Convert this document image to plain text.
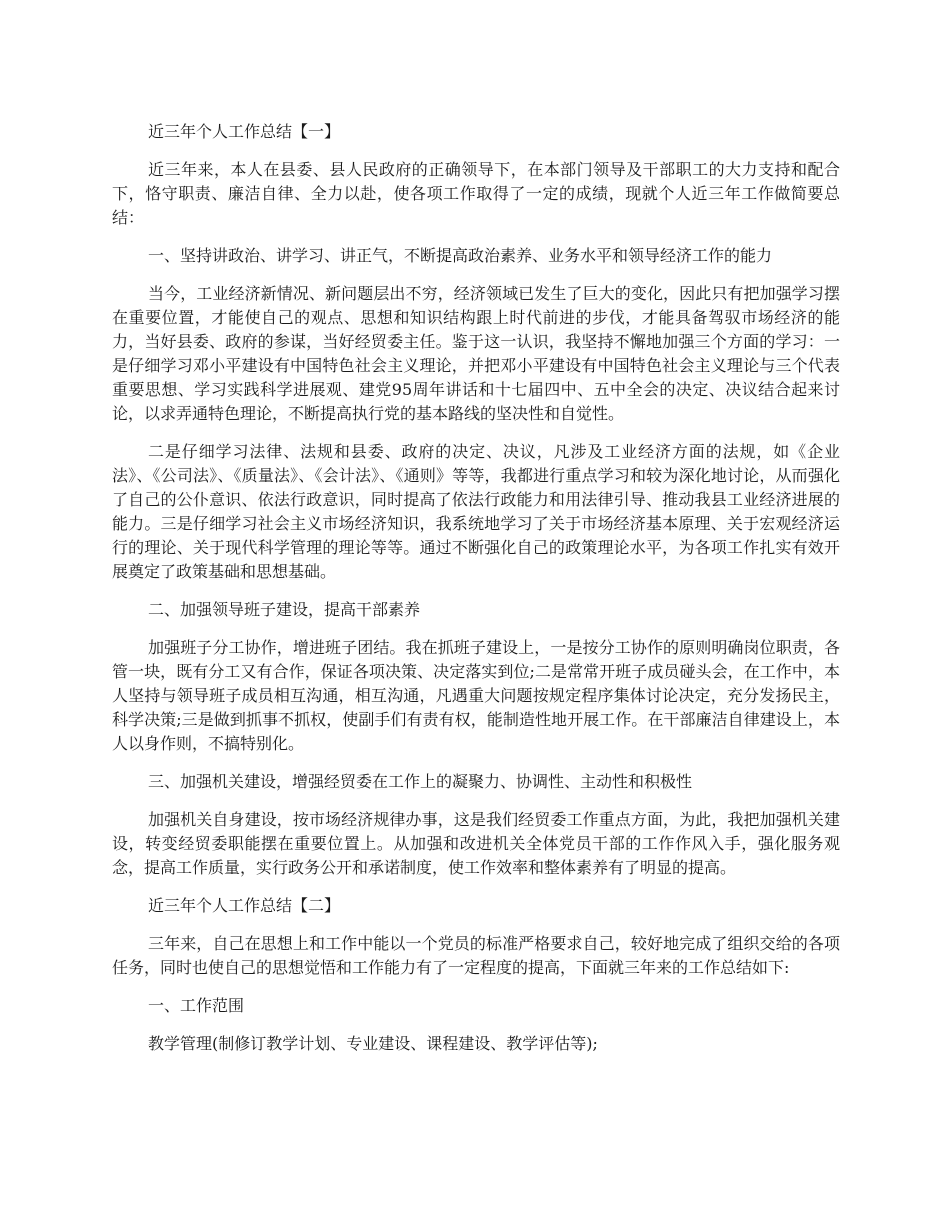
近三年个人工作总结【一】

近三年来，本人在县委、县人民政府的正确领导下，在本部门领导及干部职工的大力支持和配合下，恪守职责、廉洁自律、全力以赴，使各项工作取得了一定的成绩，现就个人近三年工作做简要总结：

一、坚持讲政治、讲学习、讲正气，不断提高政治素养、业务水平和领导经济工作的能力

当今，工业经济新情况、新问题层出不穷，经济领域已发生了巨大的变化，因此只有把加强学习摆在重要位置，才能使自己的观点、思想和知识结构跟上时代前进的步伐，才能具备驾驭市场经济的能力，当好县委、政府的参谋，当好经贸委主任。鉴于这一认识，我坚持不懈地加强三个方面的学习：一是仔细学习邓小平建设有中国特色社会主义理论，并把邓小平建设有中国特色社会主义理论与三个代表重要思想、学习实践科学进展观、建党95周年讲话和十七届四中、五中全会的决定、决议结合起来讨论，以求弄通特色理论，不断提高执行党的基本路线的坚决性和自觉性。

二是仔细学习法律、法规和县委、政府的决定、决议，凡涉及工业经济方面的法规，如《企业法》、《公司法》、《质量法》、《会计法》、《通则》等等，我都进行重点学习和较为深化地讨论，从而强化了自己的公仆意识、依法行政意识，同时提高了依法行政能力和用法律引导、推动我县工业经济进展的能力。三是仔细学习社会主义市场经济知识，我系统地学习了关于市场经济基本原理、关于宏观经济运行的理论、关于现代科学管理的理论等等。通过不断强化自己的政策理论水平，为各项工作扎实有效开展奠定了政策基础和思想基础。

二、加强领导班子建设，提高干部素养

加强班子分工协作，增进班子团结。我在抓班子建设上，一是按分工协作的原则明确岗位职责，各管一块，既有分工又有合作，保证各项决策、决定落实到位;二是常常开班子成员碰头会，在工作中，本人坚持与领导班子成员相互沟通，相互沟通，凡遇重大问题按规定程序集体讨论决定，充分发扬民主，科学决策;三是做到抓事不抓权，使副手们有责有权，能制造性地开展工作。在干部廉洁自律建设上，本人以身作则，不搞特别化。

三、加强机关建设，增强经贸委在工作上的凝聚力、协调性、主动性和积极性

加强机关自身建设，按市场经济规律办事，这是我们经贸委工作重点方面，为此，我把加强机关建设，转变经贸委职能摆在重要位置上。从加强和改进机关全体党员干部的工作作风入手，强化服务观念，提高工作质量，实行政务公开和承诺制度，使工作效率和整体素养有了明显的提高。

近三年个人工作总结【二】

三年来，自己在思想上和工作中能以一个党员的标准严格要求自己，较好地完成了组织交给的各项任务，同时也使自己的思想觉悟和工作能力有了一定程度的提高，下面就三年来的工作总结如下:

一、工作范围

教学管理(制修订教学计划、专业建设、课程建设、教学评估等);
